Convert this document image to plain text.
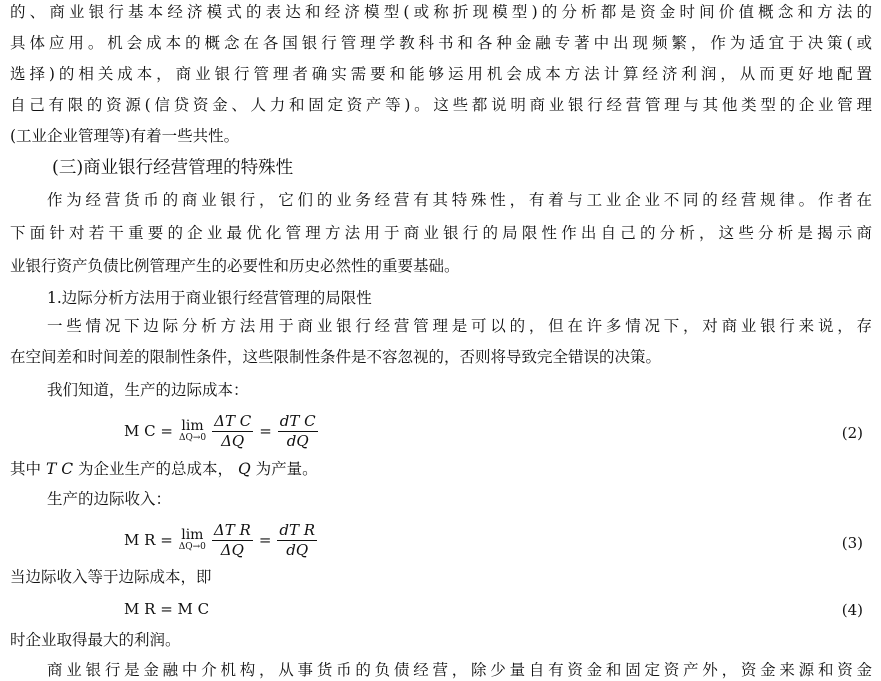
的、商业银行基本经济模式的表达和经济模型(或称折现模型)的分析都是资金时间价值概念和方法的
具体应用。机会成本的概念在各国银行管理学教科书和各种金融专著中出现频繁，作为适宜于决策(或
选择)的相关成本，商业银行管理者确实需要和能够运用机会成本方法计算经济利润，从而更好地配置
自己有限的资源(信贷资金、人力和固定资产等)。这些都说明商业银行经营管理与其他类型的企业管理
(工业企业管理等)有着一些共性。
(三)商业银行经营管理的特殊性
作为经营货币的商业银行，它们的业务经营有其特殊性，有着与工业企业不同的经营规律。作者在
下面针对若干重要的企业最优化管理方法用于商业银行的局限性作出自己的分析，这些分析是揭示商
业银行资产负债比例管理产生的必要性和历史必然性的重要基础。
1.边际分析方法用于商业银行经营管理的局限性
一些情况下边际分析方法用于商业银行经营管理是可以的，但在许多情况下，对商业银行来说，存
在空间差和时间差的限制性条件，这些限制性条件是不容忽视的，否则将导致完全错误的决策。
我们知道，生产的边际成本：
M C = lim
$\Delta Q\to 0 \frac{\text{ΔT C}}{\Delta Q} = \frac{\text{dT C}}{dQ}$	(2)
其中 T C 为企业生产的总成本， Q 为产量。
生产的边际收入：
M R = lim
$\Delta Q\to 0 \frac{\text{ΔT R}}{\Delta Q} = \frac{\text{dT R}}{dQ}$	(3)
当边际收入等于边际成本，即
M R = M C	(4)
时企业取得最大的利润。
商业银行是金融中介机构，从事货币的负债经营，除少量自有资金和固定资产外，资金来源和资金
